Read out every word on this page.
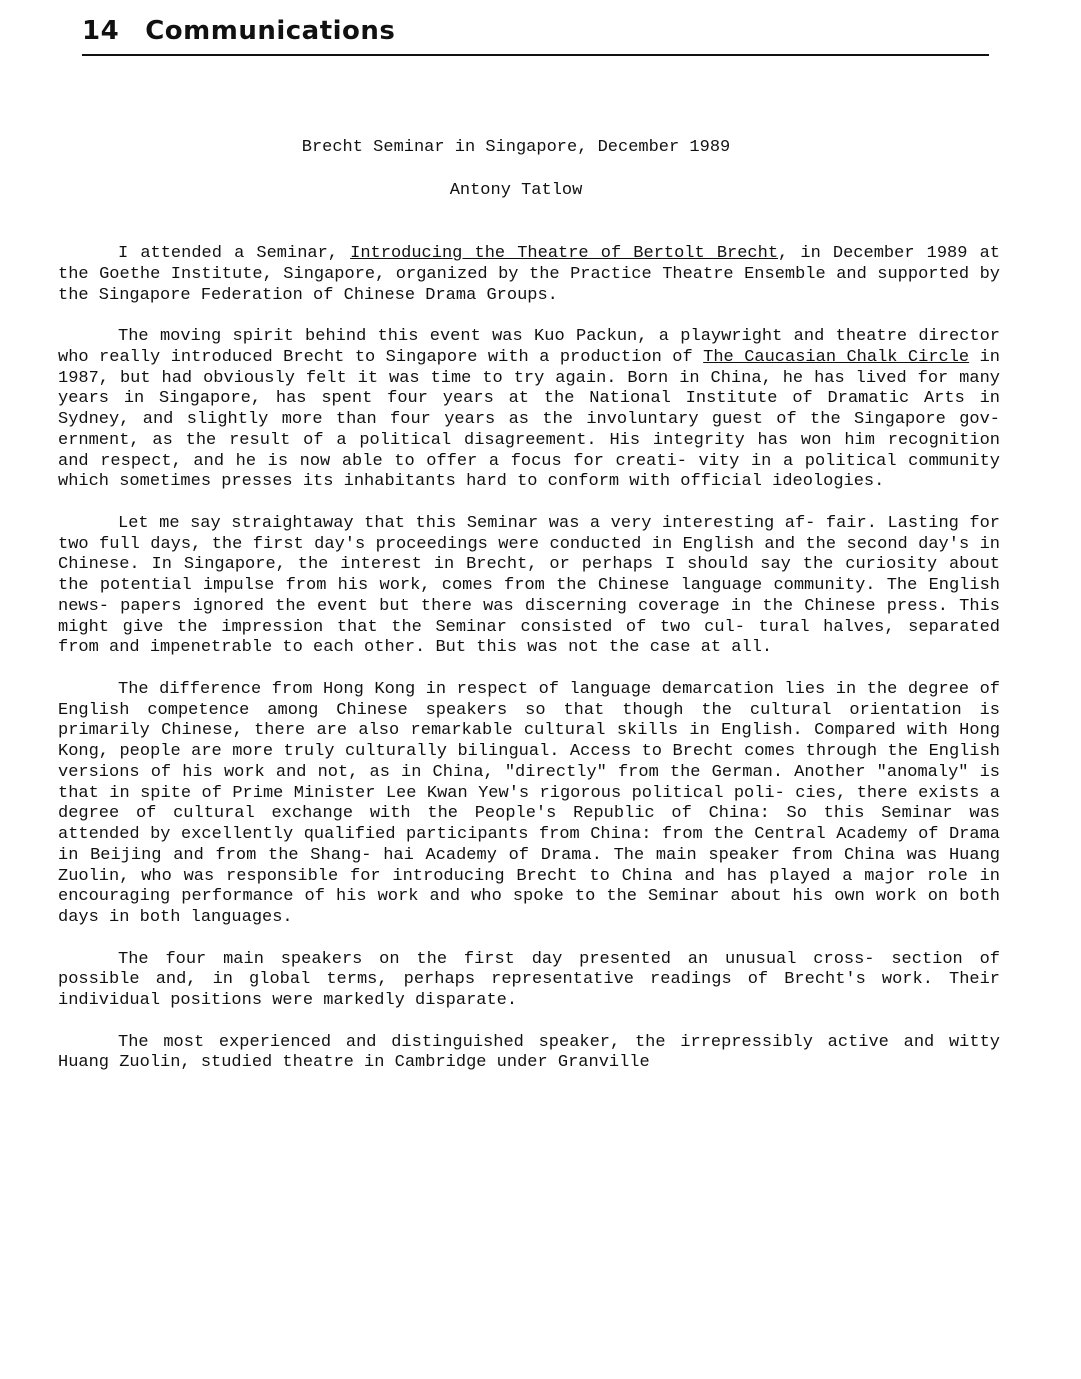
14 Communications
Brecht Seminar in Singapore, December 1989
Antony Tatlow

I attended a Seminar, Introducing the Theatre of Bertolt Brecht, in December 1989 at the Goethe Institute, Singapore, organized by the Practice Theatre Ensemble and supported by the Singapore Federation of Chinese Drama Groups.

The moving spirit behind this event was Kuo Packun, a playwright and theatre director who really introduced Brecht to Singapore with a production of The Caucasian Chalk Circle in 1987, but had obviously felt it was time to try again. Born in China, he has lived for many years in Singapore, has spent four years at the National Institute of Dramatic Arts in Sydney, and slightly more than four years as the involuntary guest of the Singapore gov- ernment, as the result of a political disagreement. His integrity has won him recognition and respect, and he is now able to offer a focus for creati- vity in a political community which sometimes presses its inhabitants hard to conform with official ideologies.

Let me say straightaway that this Seminar was a very interesting af- fair. Lasting for two full days, the first day's proceedings were conducted in English and the second day's in Chinese. In Singapore, the interest in Brecht, or perhaps I should say the curiosity about the potential impulse from his work, comes from the Chinese language community. The English news- papers ignored the event but there was discerning coverage in the Chinese press. This might give the impression that the Seminar consisted of two cul- tural halves, separated from and impenetrable to each other. But this was not the case at all.

The difference from Hong Kong in respect of language demarcation lies in the degree of English competence among Chinese speakers so that though the cultural orientation is primarily Chinese, there are also remarkable cultural skills in English. Compared with Hong Kong, people are more truly culturally bilingual. Access to Brecht comes through the English versions of his work and not, as in China, "directly" from the German. Another "anomaly" is that in spite of Prime Minister Lee Kwan Yew's rigorous political poli- cies, there exists a degree of cultural exchange with the People's Republic of China: So this Seminar was attended by excellently qualified participants from China: from the Central Academy of Drama in Beijing and from the Shang- hai Academy of Drama. The main speaker from China was Huang Zuolin, who was responsible for introducing Brecht to China and has played a major role in encouraging performance of his work and who spoke to the Seminar about his own work on both days in both languages.

The four main speakers on the first day presented an unusual cross- section of possible and, in global terms, perhaps representative readings of Brecht's work. Their individual positions were markedly disparate.

The most experienced and distinguished speaker, the irrepressibly active and witty Huang Zuolin, studied theatre in Cambridge under Granville
